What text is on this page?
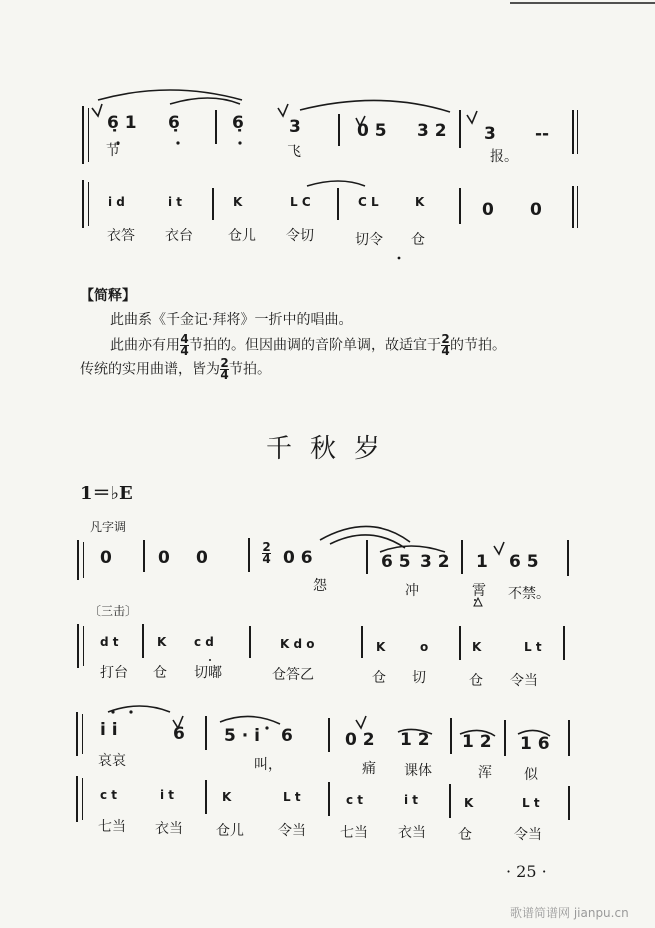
6̣ 1 6̣	6̣	3	0 5 3 2 3 --
节	飞	报。
i d	i t	K	L C	C L	K	0 0
衣答 衣台	仓儿 令切	切令 仓
【简释】
此曲系《千金记·拜将》一折中的唱曲。
此曲亦有用 $\frac{4}{4}$ 节拍的。但因曲调的音阶单调，故适宜于 $\frac{2}{4}$ 的节拍。
传统的实用曲谱，皆为 $\frac{2}{4}$ 节拍。
千秋岁
1＝♭E
凡字调
0	0 0	$\frac{2}{4} 0$ 6	6 5 3 2 1 6 5
怨	冲	霄 不禁。
〔三击〕
d t	K c d	K d o	K	o	K	L t
打台 仓 切嘟	仓答乙	仓 切	仓 令当
i i	6 5 · i 6	0 2 1 2 1 2 1 6
哀哀	叫，	痛 课体	浑 似
c t	i t	K	L t	c t	i t	K	L t
七当 衣当 仓儿 令当 七当 衣当 仓	令当
· 25 ·
歌谱简谱网 jianpu.cn
